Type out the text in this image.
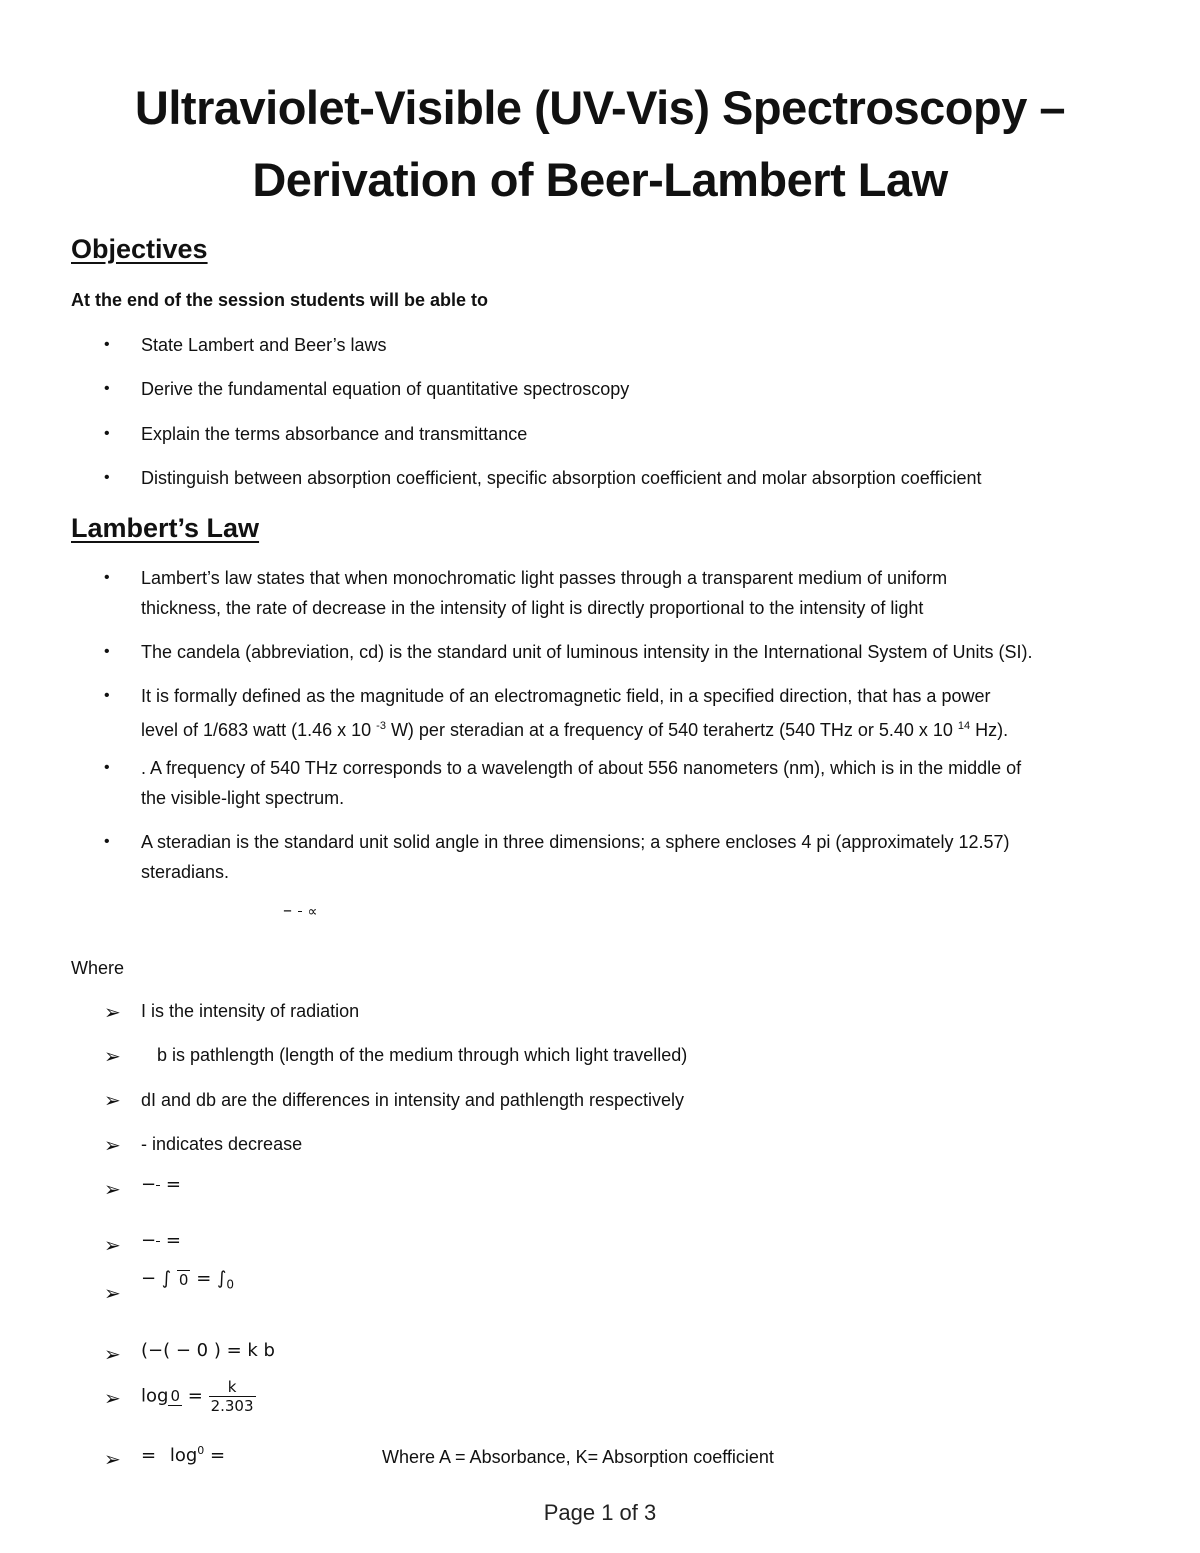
Ultraviolet-Visible (UV-Vis) Spectroscopy –
Derivation of Beer-Lambert Law
Objectives
At the end of the session students will be able to
• State Lambert and Beer’s laws
• Derive the fundamental equation of quantitative spectroscopy
• Explain the terms absorbance and transmittance
• Distinguish between absorption coefficient, specific absorption coefficient and molar absorption coefficient
Lambert’s Law
• Lambert’s law states that when monochromatic light passes through a transparent medium of uniform
thickness, the rate of decrease in the intensity of light is directly proportional to the intensity of light
• The candela (abbreviation, cd) is the standard unit of luminous intensity in the International System of Units (SI).
• It is formally defined as the magnitude of an electromagnetic field, in a specified direction, that has a power
level of 1/683 watt (1.46 x 10 $^{-3}$ W) per steradian at a frequency of 540 terahertz (540 THz or 5.40 x 10 $^{14}$ Hz).
• . A frequency of 540 THz corresponds to a wavelength of about 556 nanometers (nm), which is in the middle of
the visible-light spectrum.
• A steradian is the standard unit solid angle in three dimensions; a sphere encloses 4 pi (approximately 12.57)
steradians.
– ∝
Where
➢ I is the intensity of radiation
➢ b is pathlength (length of the medium through which light travelled)
➢ dI and db are the differences in intensity and pathlength respectively
➢ - indicates decrease
➢ − =
➢ − =
➢
− ∫ $0 = \int_0$
➢ (−( − 0 ) = k b
➢ $\log 0 = \frac{k}{2.303}$
➢ = $\log^0$ =	Where A = Absorbance, K= Absorption coefficient
Page 1 of 3
